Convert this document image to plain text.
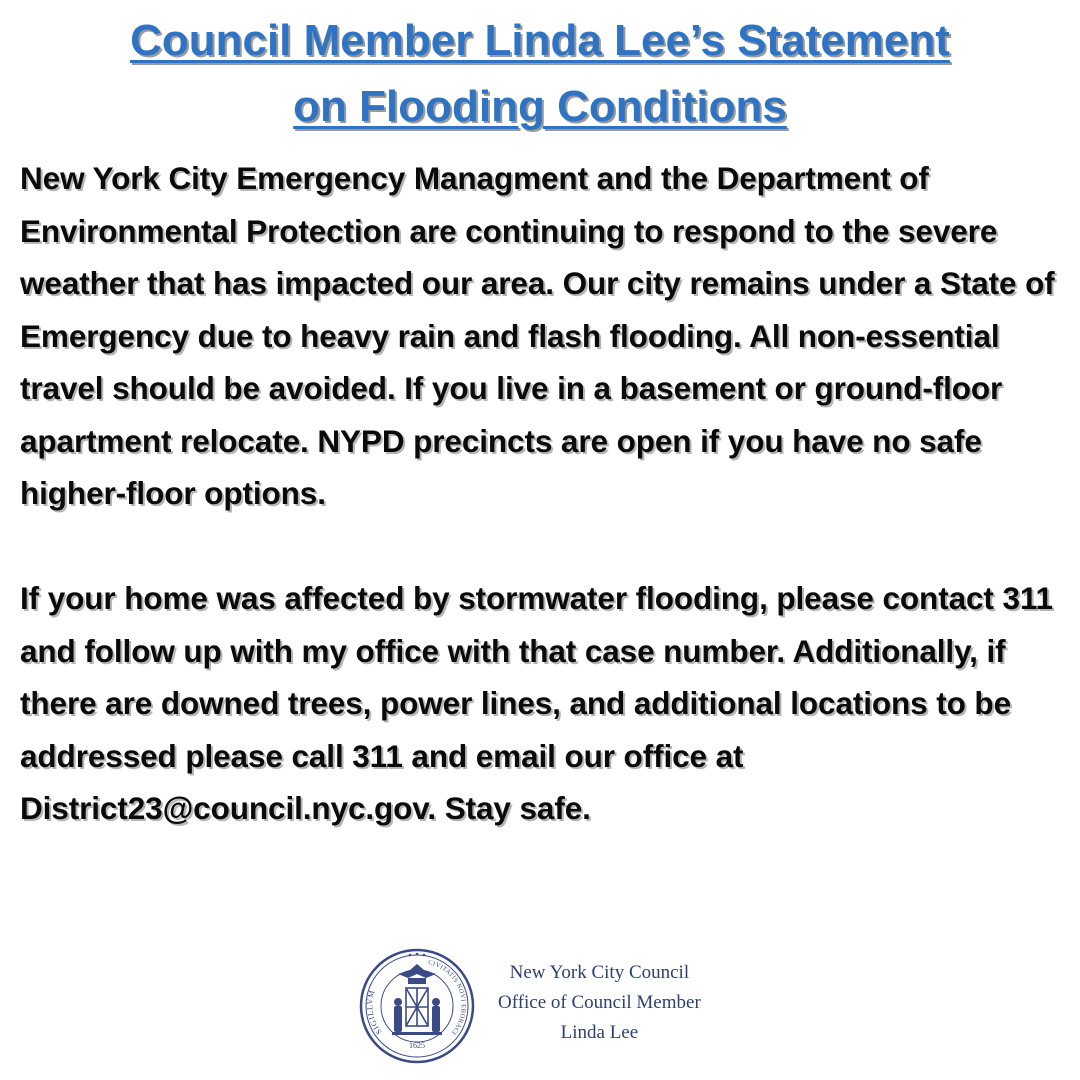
Council Member Linda Lee’s Statement
on Flooding Conditions

New York City Emergency Managment and the Department of Environmental Protection are continuing to respond to the severe weather that has impacted our area. Our city remains under a State of Emergency due to heavy rain and flash flooding. All non-essential travel should be avoided. If you live in a basement or ground-floor apartment relocate. NYPD precincts are open if you have no safe higher-floor options.

If your home was affected by stormwater flooding, please contact 311 and follow up with my office with that case number. Additionally, if there are downed trees, power lines, and additional locations to be addressed please call 311 and email our office at District23@council.nyc.gov. Stay safe.

SIGILLVM
CIVITATIS NOVI EBORACI
1625
New York City Council
Office of Council Member
Linda Lee
